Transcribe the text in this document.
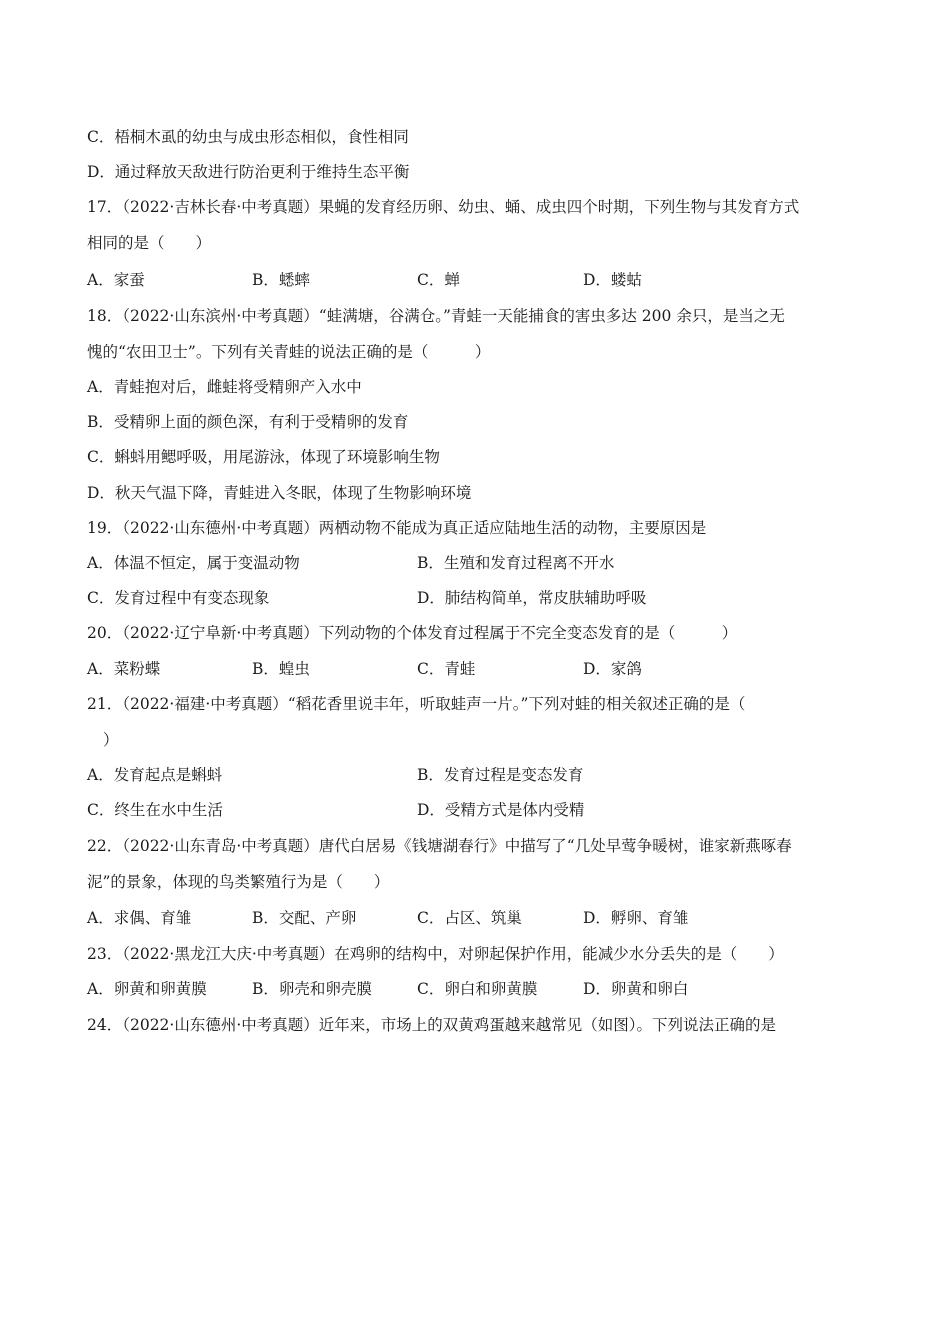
C．梧桐木虱的幼虫与成虫形态相似，食性相同
D．通过释放天敌进行防治更利于维持生态平衡
17．（2022·吉林长春·中考真题）果蝇的发育经历卵、幼虫、蛹、成虫四个时期，下列生物与其发育方式
相同的是（　　）
A．家蚕	B．蟋蟀	C．蝉	D．蝼蛄
18．（2022·山东滨州·中考真题）“蛙满塘，谷满仓。”青蛙一天能捕食的害虫多达 200 余只，是当之无
愧的“农田卫士”。下列有关青蛙的说法正确的是（　　　）
A．青蛙抱对后，雌蛙将受精卵产入水中
B．受精卵上面的颜色深，有利于受精卵的发育
C．蝌蚪用鳃呼吸，用尾游泳，体现了环境影响生物
D．秋天气温下降，青蛙进入冬眠，体现了生物影响环境
19．（2022·山东德州·中考真题）两栖动物不能成为真正适应陆地生活的动物，主要原因是
A．体温不恒定，属于变温动物	B．生殖和发育过程离不开水
C．发育过程中有变态现象	D．肺结构简单，常皮肤辅助呼吸
20．（2022·辽宁阜新·中考真题）下列动物的个体发育过程属于不完全变态发育的是（　　　）
A．菜粉蝶	B．蝗虫	C．青蛙	D．家鸽
21．（2022·福建·中考真题）“稻花香里说丰年，听取蛙声一片。”下列对蛙的相关叙述正确的是（
）
A．发育起点是蝌蚪	B．发育过程是变态发育
C．终生在水中生活	D．受精方式是体内受精
22．（2022·山东青岛·中考真题）唐代白居易《钱塘湖春行》中描写了“几处早莺争暖树，谁家新燕啄春
泥”的景象，体现的鸟类繁殖行为是（　　）
A．求偶、育雏	B．交配、产卵	C．占区、筑巢	D．孵卵、育雏
23．（2022·黑龙江大庆·中考真题）在鸡卵的结构中，对卵起保护作用，能减少水分丢失的是（　　）
A．卵黄和卵黄膜	B．卵壳和卵壳膜	C．卵白和卵黄膜	D．卵黄和卵白
24．（2022·山东德州·中考真题）近年来，市场上的双黄鸡蛋越来越常见（如图）。下列说法正确的是
